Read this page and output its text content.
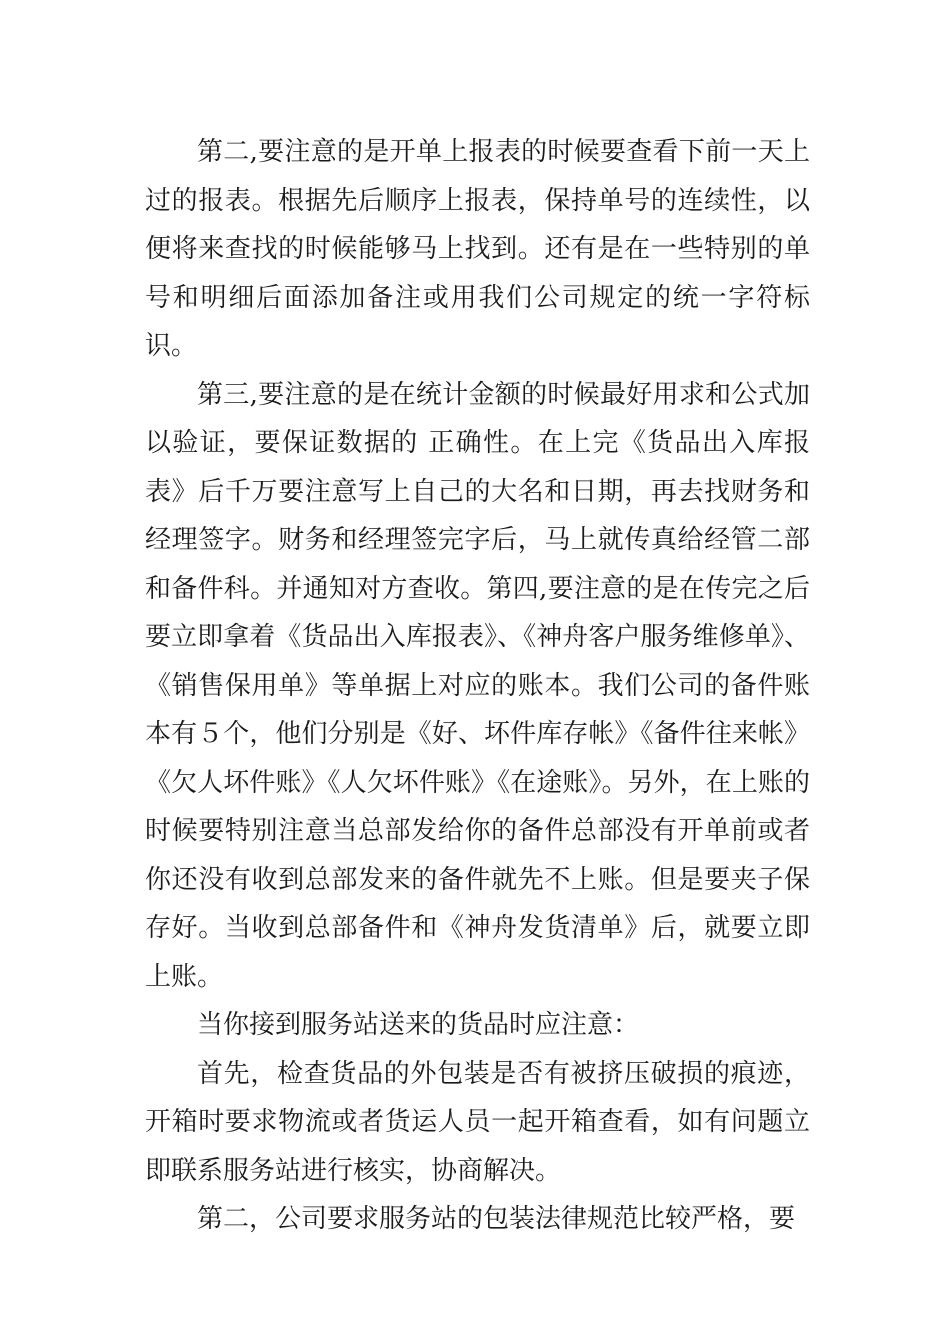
第二,要注意的是开单上报表的时候要查看下前一天上过的报表。根据先后顺序上报表，保持单号的连续性，以便将来查找的时候能够马上找到。还有是在一些特别的单号和明细后面添加备注或用我们公司规定的统一字符标识。

第三,要注意的是在统计金额的时候最好用求和公式加以验证，要保证数据的 正确性。在上完《货品出入库报表》后千万要注意写上自己的大名和日期，再去找财务和经理签字。财务和经理签完字后，马上就传真给经管二部和备件科。并通知对方查收。第四,要注意的是在传完之后要立即拿着《货品出入库报表》、《神舟客户服务维修单》、《销售保用单》等单据上对应的账本。我们公司的备件账本有５个，他们分别是《好、坏件库存帐》《备件往来帐》《欠人坏件账》《人欠坏件账》《在途账》。另外，在上账的时候要特别注意当总部发给你的备件总部没有开单前或者你还没有收到总部发来的备件就先不上账。但是要夹子保存好。当收到总部备件和《神舟发货清单》后，就要立即上账。

当你接到服务站送来的货品时应注意：

首先，检查货品的外包装是否有被挤压破损的痕迹，开箱时要求物流或者货运人员一起开箱查看，如有问题立即联系服务站进行核实，协商解决。

第二，公司要求服务站的包装法律规范比较严格，要
